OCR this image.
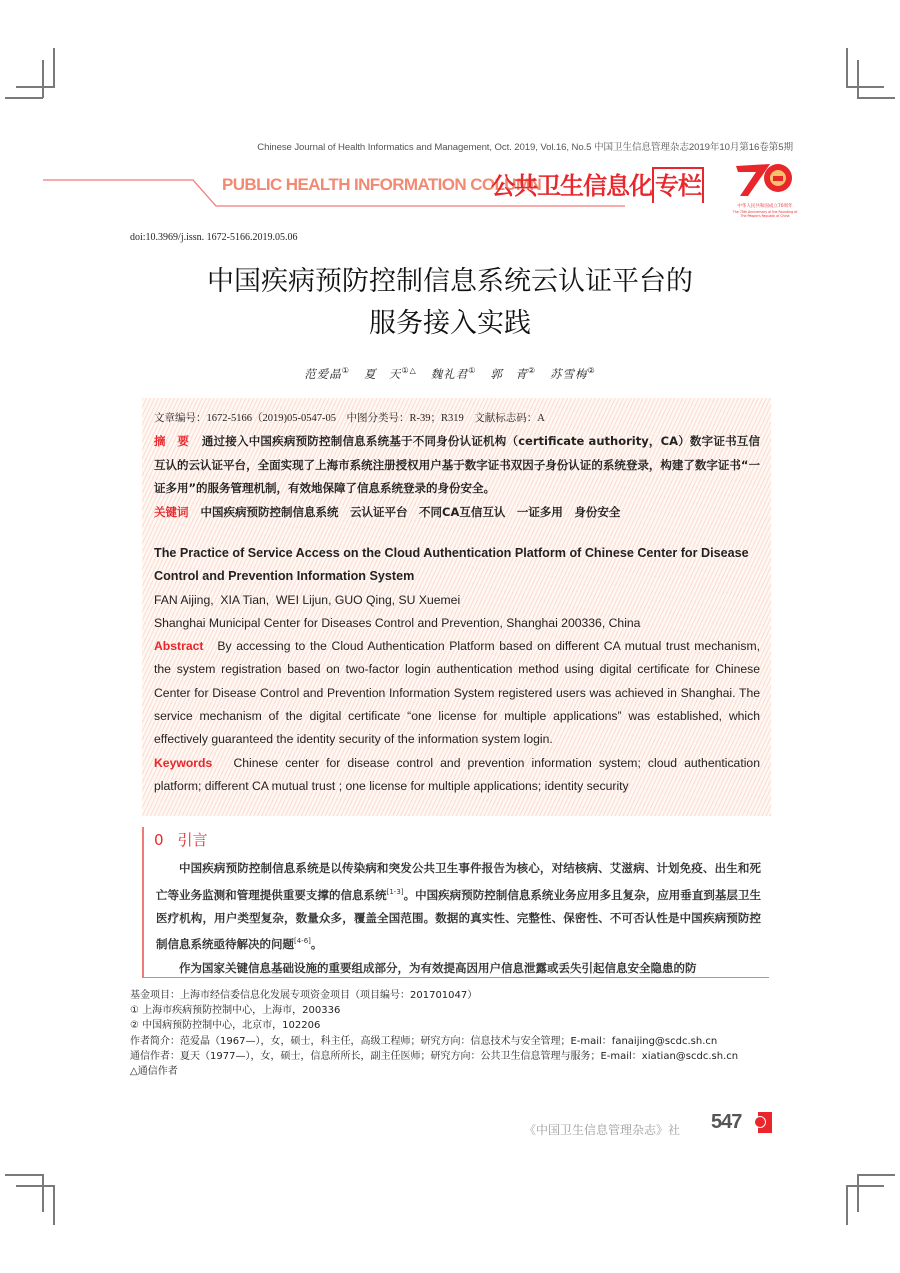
Chinese Journal of Health Informatics and Management, Oct. 2019, Vol.16, No.5 中国卫生信息管理杂志2019年10月第16卷第5期
PUBLIC HEALTH INFORMATION COLUMN
公共卫生信息化 专栏
中华人民共和国成立70周年
The 70th Anniversary of the Founding of
The People's Republic of China
doi:10.3969/j.issn. 1672-5166.2019.05.06
中国疾病预防控制信息系统云认证平台的
服务接入实践
范爱晶① 夏　天①△ 魏礼君① 郭　青② 苏雪梅②
文章编号：1672-5166（2019)05-0547-05　中图分类号：R-39；R319　文献标志码：A
摘　要 通过接入中国疾病预防控制信息系统基于不同身份认证机构（certificate authority，CA）数字证书互信互认的云认证平台，全面实现了上海市系统注册授权用户基于数字证书双因子身份认证的系统登录，构建了数字证书“一证多用”的服务管理机制，有效地保障了信息系统登录的身份安全。
关键词 中国疾病预防控制信息系统　云认证平台　不同CA互信互认　一证多用　身份安全
The Practice of Service Access on the Cloud Authentication Platform of Chinese Center for Disease Control and Prevention Information System
FAN Aijing,  XIA Tian,  WEI Lijun, GUO Qing, SU Xuemei
Shanghai Municipal Center for Diseases Control and Prevention, Shanghai 200336, China
Abstract By accessing to the Cloud Authentication Platform based on different CA mutual trust mechanism, the system registration based on two-factor login authentication method using digital certificate for Chinese Center for Disease Control and Prevention Information System registered users was achieved in Shanghai. The service mechanism of the digital certificate “one license for multiple applications” was established, which effectively guaranteed the identity security of the information system login.
Keywords Chinese center for disease control and prevention information system; cloud authentication platform; different CA mutual trust ; one license for multiple applications; identity security
《中国卫生信息管理杂志》社
0 引言

中国疾病预防控制信息系统是以传染病和突发公共卫生事件报告为核心，对结核病、艾滋病、计划免疫、出生和死亡等业务监测和管理提供重要支撑的信息系统[1-3]。中国疾病预防控制信息系统业务应用多且复杂，应用垂直到基层卫生医疗机构，用户类型复杂，数量众多，覆盖全国范围。数据的真实性、完整性、保密性、不可否认性是中国疾病预防控制信息系统亟待解决的问题[4-6]。

作为国家关键信息基础设施的重要组成部分，为有效提高因用户信息泄露或丢失引起信息安全隐患的防

基金项目：上海市经信委信息化发展专项资金项目（项目编号：201701047）
① 上海市疾病预防控制中心，上海市，200336
② 中国病预防控制中心，北京市，102206
作者简介：范爱晶（1967—），女，硕士，科主任，高级工程师；研究方向：信息技术与安全管理；E-mail：fanaijing@scdc.sh.cn
通信作者：夏天（1977—），女，硕士，信息所所长，副主任医师；研究方向：公共卫生信息管理与服务；E-mail：xiatian@scdc.sh.cn
△通信作者
547
